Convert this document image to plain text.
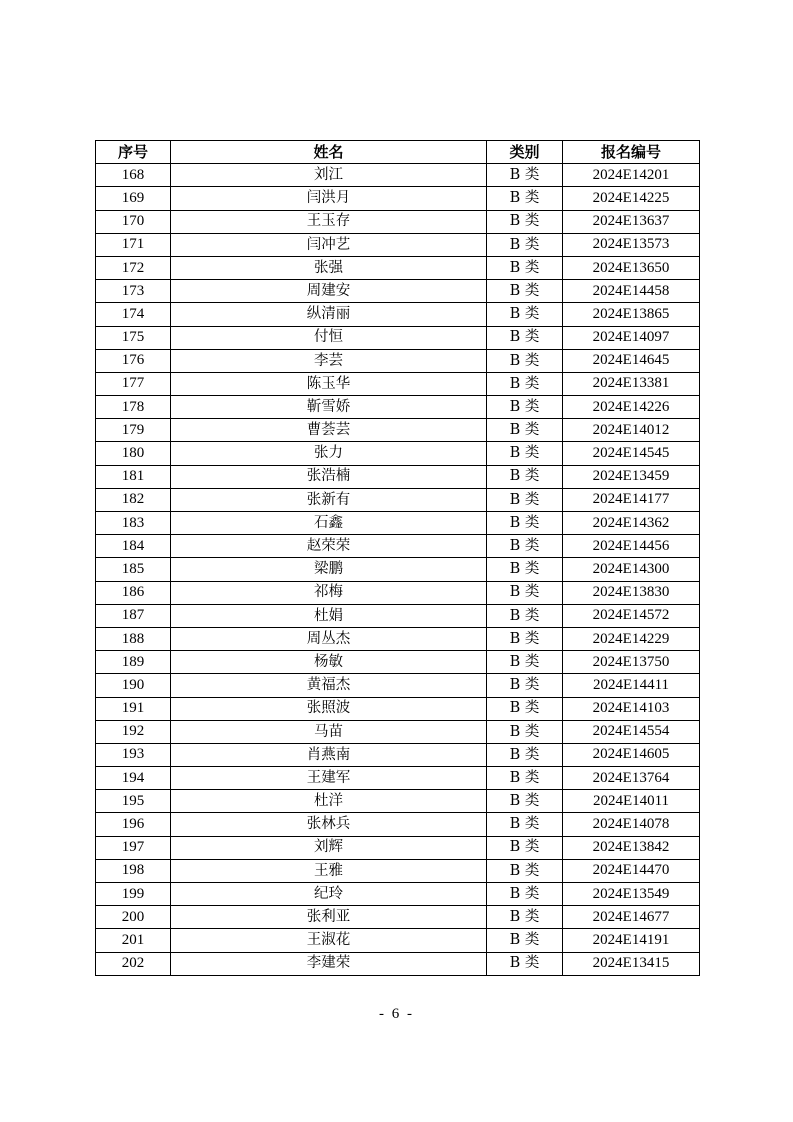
序号	姓名	类别	报名编号
168	刘江	B 类	2024E14201
169	闫洪月	B 类	2024E14225
170	王玉存	B 类	2024E13637
171	闫冲艺	B 类	2024E13573
172	张强	B 类	2024E13650
173	周建安	B 类	2024E14458
174	纵清丽	B 类	2024E13865
175	付恒	B 类	2024E14097
176	李芸	B 类	2024E14645
177	陈玉华	B 类	2024E13381
178	靳雪娇	B 类	2024E14226
179	曹荟芸	B 类	2024E14012
180	张力	B 类	2024E14545
181	张浩楠	B 类	2024E13459
182	张新有	B 类	2024E14177
183	石鑫	B 类	2024E14362
184	赵荣荣	B 类	2024E14456
185	梁鹏	B 类	2024E14300
186	祁梅	B 类	2024E13830
187	杜娟	B 类	2024E14572
188	周丛杰	B 类	2024E14229
189	杨敏	B 类	2024E13750
190	黄福杰	B 类	2024E14411
191	张照波	B 类	2024E14103
192	马苗	B 类	2024E14554
193	肖燕南	B 类	2024E14605
194	王建军	B 类	2024E13764
195	杜洋	B 类	2024E14011
196	张林兵	B 类	2024E14078
197	刘辉	B 类	2024E13842
198	王雅	B 类	2024E14470
199	纪玲	B 类	2024E13549
200	张利亚	B 类	2024E14677
201	王淑花	B 类	2024E14191
202	李建荣	B 类	2024E13415
- 6 -
